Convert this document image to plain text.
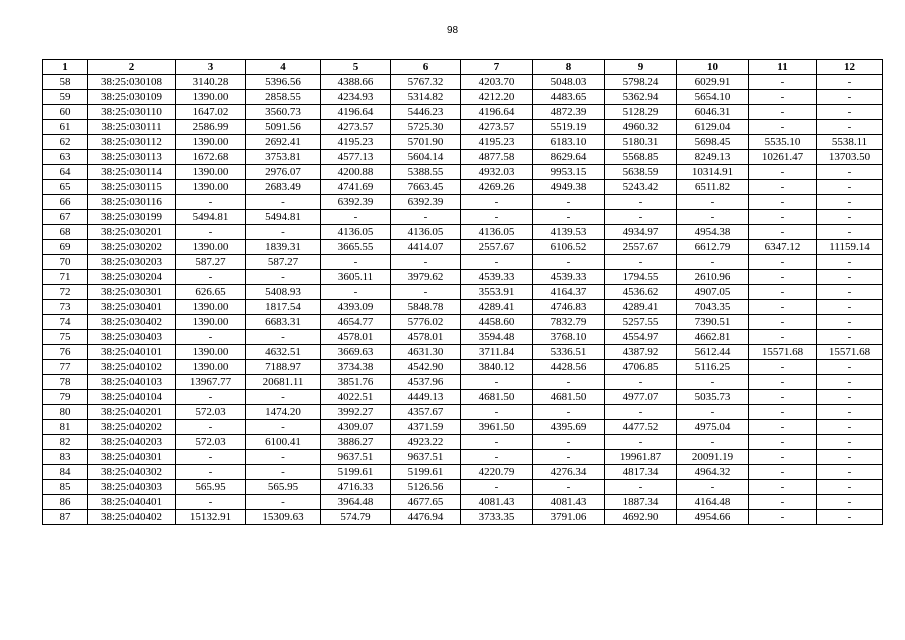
98
1	2	3	4	5	6	7	8	9	10	11	12
58	38:25:030108	3140.28	5396.56	4388.66	5767.32	4203.70	5048.03	5798.24	6029.91	-	-
59	38:25:030109	1390.00	2858.55	4234.93	5314.82	4212.20	4483.65	5362.94	5654.10	-	-
60	38:25:030110	1647.02	3560.73	4196.64	5446.23	4196.64	4872.39	5128.29	6046.31	-	-
61	38:25:030111	2586.99	5091.56	4273.57	5725.30	4273.57	5519.19	4960.32	6129.04	-	-
62	38:25:030112	1390.00	2692.41	4195.23	5701.90	4195.23	6183.10	5180.31	5698.45	5535.10	5538.11
63	38:25:030113	1672.68	3753.81	4577.13	5604.14	4877.58	8629.64	5568.85	8249.13	10261.47	13703.50
64	38:25:030114	1390.00	2976.07	4200.88	5388.55	4932.03	9953.15	5638.59	10314.91	-	-
65	38:25:030115	1390.00	2683.49	4741.69	7663.45	4269.26	4949.38	5243.42	6511.82	-	-
66	38:25:030116	-	-	6392.39	6392.39	-	-	-	-	-	-
67	38:25:030199	5494.81	5494.81	-	-	-	-	-	-	-	-
68	38:25:030201	-	-	4136.05	4136.05	4136.05	4139.53	4934.97	4954.38	-	-
69	38:25:030202	1390.00	1839.31	3665.55	4414.07	2557.67	6106.52	2557.67	6612.79	6347.12	11159.14
70	38:25:030203	587.27	587.27	-	-	-	-	-	-	-	-
71	38:25:030204	-	-	3605.11	3979.62	4539.33	4539.33	1794.55	2610.96	-	-
72	38:25:030301	626.65	5408.93	-	-	3553.91	4164.37	4536.62	4907.05	-	-
73	38:25:030401	1390.00	1817.54	4393.09	5848.78	4289.41	4746.83	4289.41	7043.35	-	-
74	38:25:030402	1390.00	6683.31	4654.77	5776.02	4458.60	7832.79	5257.55	7390.51	-	-
75	38:25:030403	-	-	4578.01	4578.01	3594.48	3768.10	4554.97	4662.81	-	-
76	38:25:040101	1390.00	4632.51	3669.63	4631.30	3711.84	5336.51	4387.92	5612.44	15571.68	15571.68
77	38:25:040102	1390.00	7188.97	3734.38	4542.90	3840.12	4428.56	4706.85	5116.25	-	-
78	38:25:040103	13967.77	20681.11	3851.76	4537.96	-	-	-	-	-	-
79	38:25:040104	-	-	4022.51	4449.13	4681.50	4681.50	4977.07	5035.73	-	-
80	38:25:040201	572.03	1474.20	3992.27	4357.67	-	-	-	-	-	-
81	38:25:040202	-	-	4309.07	4371.59	3961.50	4395.69	4477.52	4975.04	-	-
82	38:25:040203	572.03	6100.41	3886.27	4923.22	-	-	-	-	-	-
83	38:25:040301	-	-	9637.51	9637.51	-	-	19961.87	20091.19	-	-
84	38:25:040302	-	-	5199.61	5199.61	4220.79	4276.34	4817.34	4964.32	-	-
85	38:25:040303	565.95	565.95	4716.33	5126.56	-	-	-	-	-	-
86	38:25:040401	-	-	3964.48	4677.65	4081.43	4081.43	1887.34	4164.48	-	-
87	38:25:040402	15132.91	15309.63	574.79	4476.94	3733.35	3791.06	4692.90	4954.66	-	-
